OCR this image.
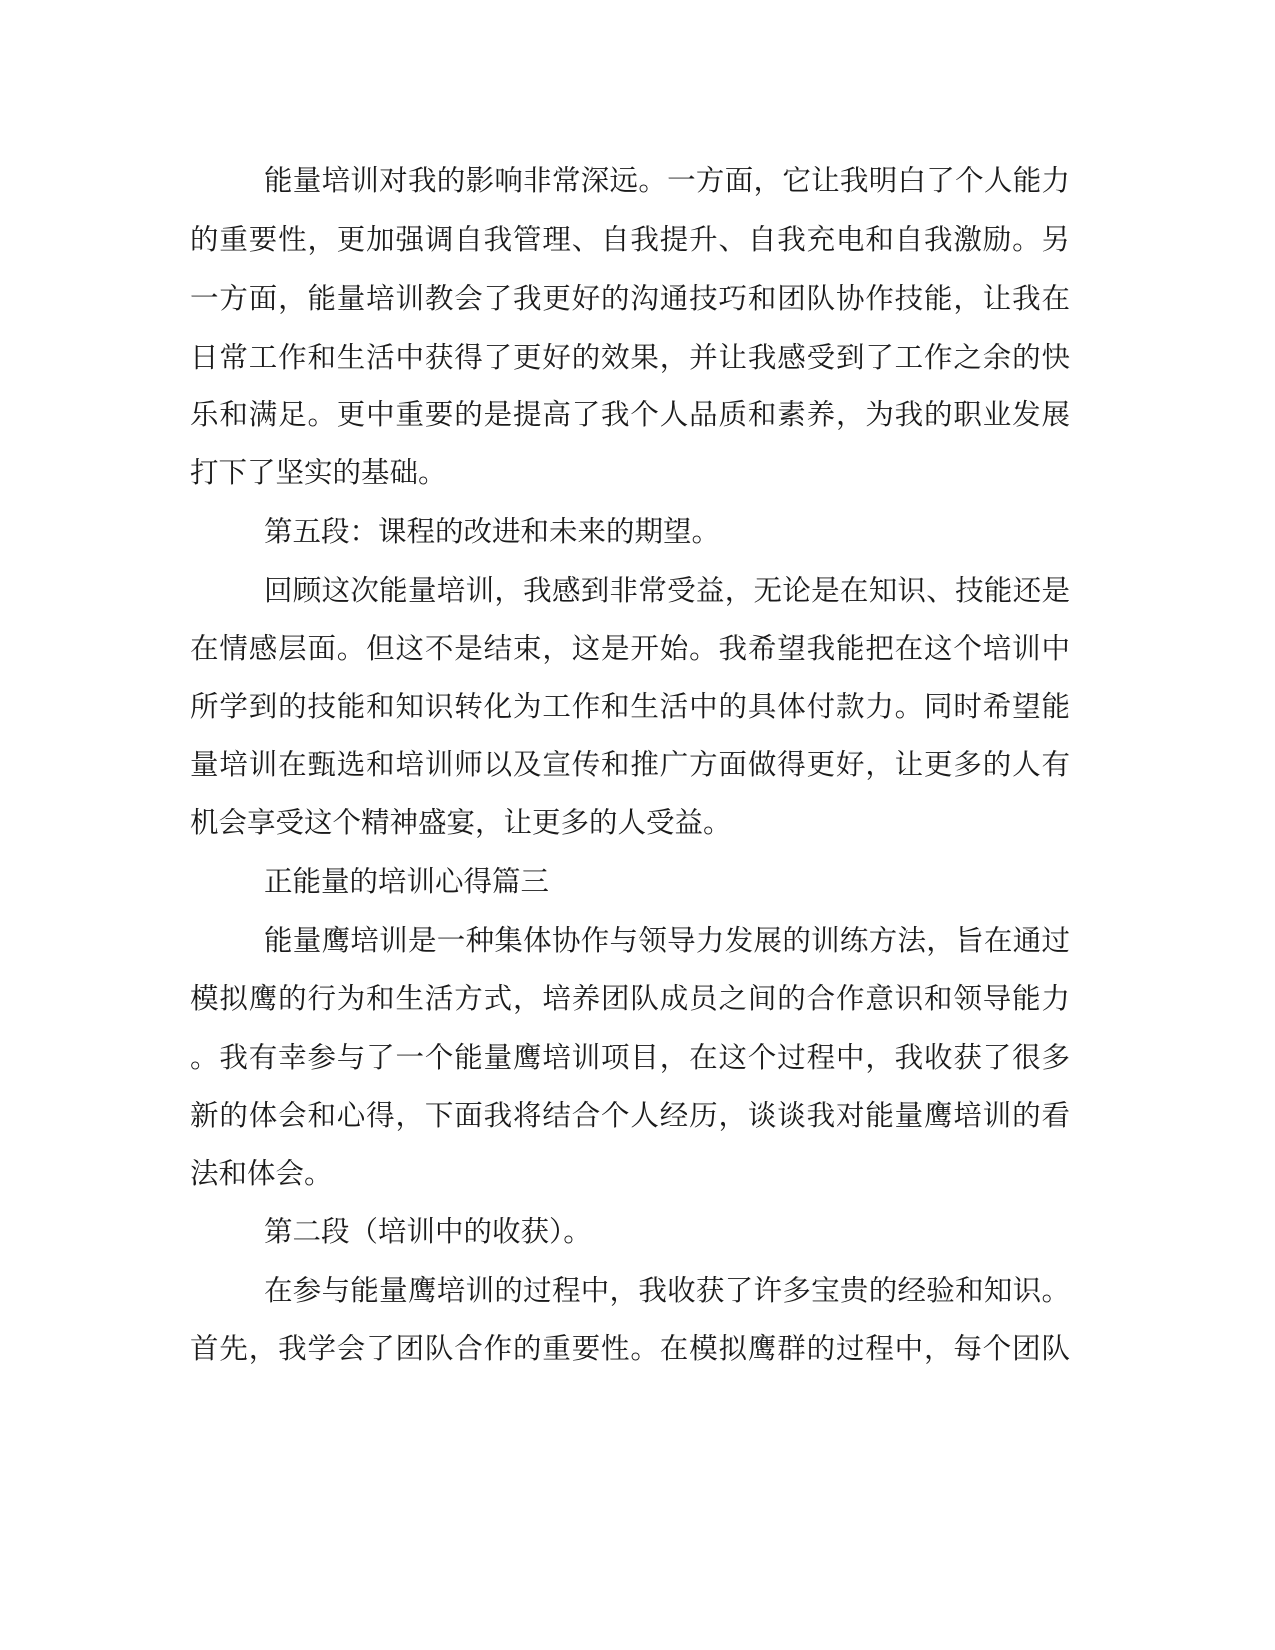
能量培训对我的影响非常深远。一方面，它让我明白了个人能力
的重要性，更加强调自我管理、自我提升、自我充电和自我激励。另
一方面，能量培训教会了我更好的沟通技巧和团队协作技能，让我在
日常工作和生活中获得了更好的效果，并让我感受到了工作之余的快
乐和满足。更中重要的是提高了我个人品质和素养，为我的职业发展
打下了坚实的基础。
第五段：课程的改进和未来的期望。
回顾这次能量培训，我感到非常受益，无论是在知识、技能还是
在情感层面。但这不是结束，这是开始。我希望我能把在这个培训中
所学到的技能和知识转化为工作和生活中的具体付款力。同时希望能
量培训在甄选和培训师以及宣传和推广方面做得更好，让更多的人有
机会享受这个精神盛宴，让更多的人受益。
正能量的培训心得篇三
能量鹰培训是一种集体协作与领导力发展的训练方法，旨在通过
模拟鹰的行为和生活方式，培养团队成员之间的合作意识和领导能力
。我有幸参与了一个能量鹰培训项目，在这个过程中，我收获了很多
新的体会和心得，下面我将结合个人经历，谈谈我对能量鹰培训的看
法和体会。
第二段（培训中的收获）。
在参与能量鹰培训的过程中，我收获了许多宝贵的经验和知识。
首先，我学会了团队合作的重要性。在模拟鹰群的过程中，每个团队
